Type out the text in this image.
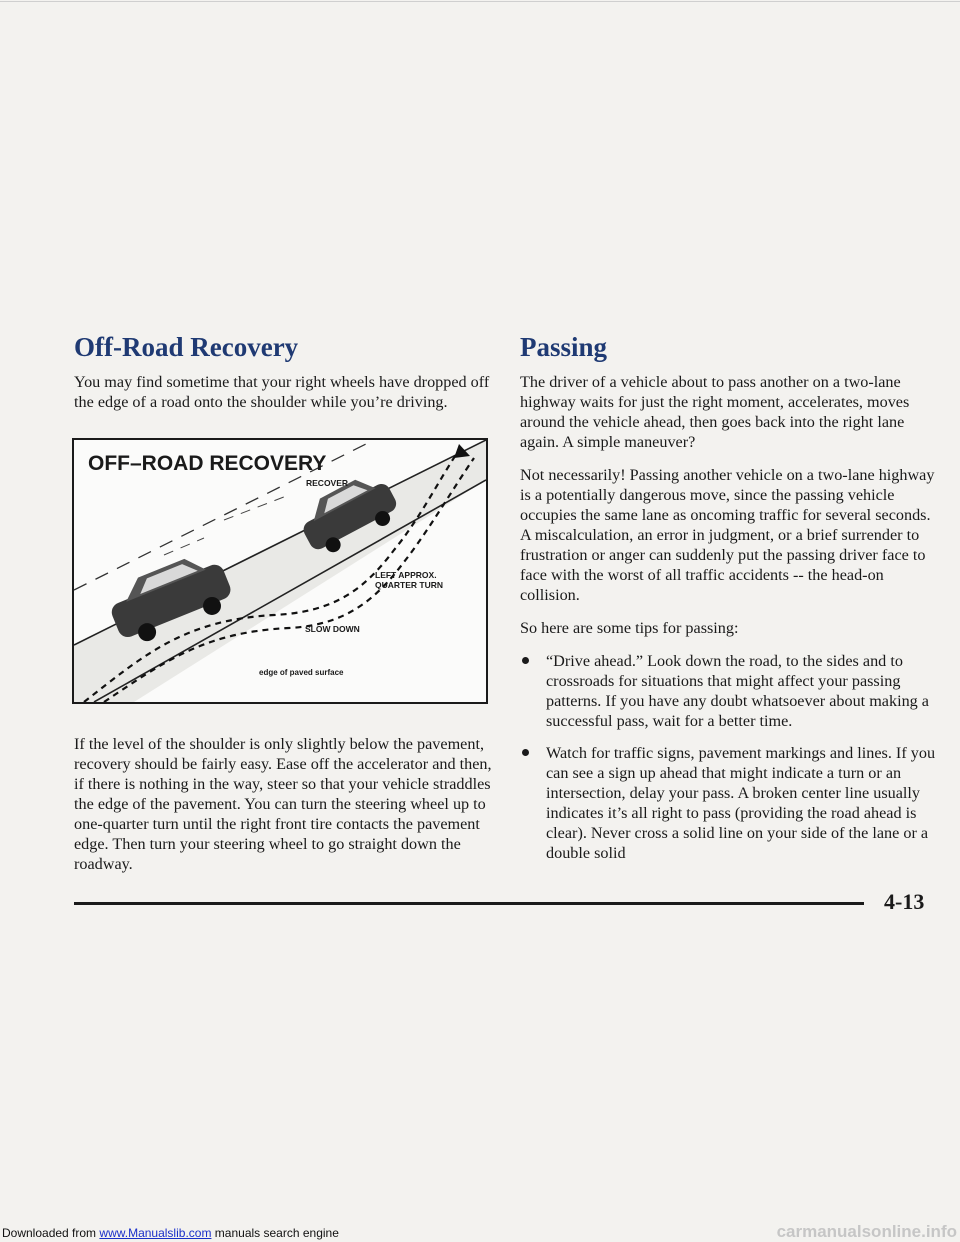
Off-Road Recovery

You may find sometime that your right wheels have dropped off the edge of a road onto the shoulder while you’re driving.

OFF–ROAD RECOVERY
RECOVER
LEFT APPROX.
QUARTER TURN
SLOW DOWN
edge of paved surface

If the level of the shoulder is only slightly below the pavement, recovery should be fairly easy. Ease off the accelerator and then, if there is nothing in the way, steer so that your vehicle straddles the edge of the pavement. You can turn the steering wheel up to one-quarter turn until the right front tire contacts the pavement edge. Then turn your steering wheel to go straight down the roadway.

Passing

The driver of a vehicle about to pass another on a two-lane highway waits for just the right moment, accelerates, moves around the vehicle ahead, then goes back into the right lane again. A simple maneuver?

Not necessarily! Passing another vehicle on a two-lane highway is a potentially dangerous move, since the passing vehicle occupies the same lane as oncoming traffic for several seconds. A miscalculation, an error in judgment, or a brief surrender to frustration or anger can suddenly put the passing driver face to face with the worst of all traffic accidents -- the head-on collision.

So here are some tips for passing:

“Drive ahead.” Look down the road, to the sides and to crossroads for situations that might affect your passing patterns. If you have any doubt whatsoever about making a successful pass, wait for a better time.
Watch for traffic signs, pavement markings and lines. If you can see a sign up ahead that might indicate a turn or an intersection, delay your pass. A broken center line usually indicates it’s all right to pass (providing the road ahead is clear). Never cross a solid line on your side of the lane or a double solid
4-13
Downloaded from www.Manualslib.com manuals search engine	carmanualsonline.info
